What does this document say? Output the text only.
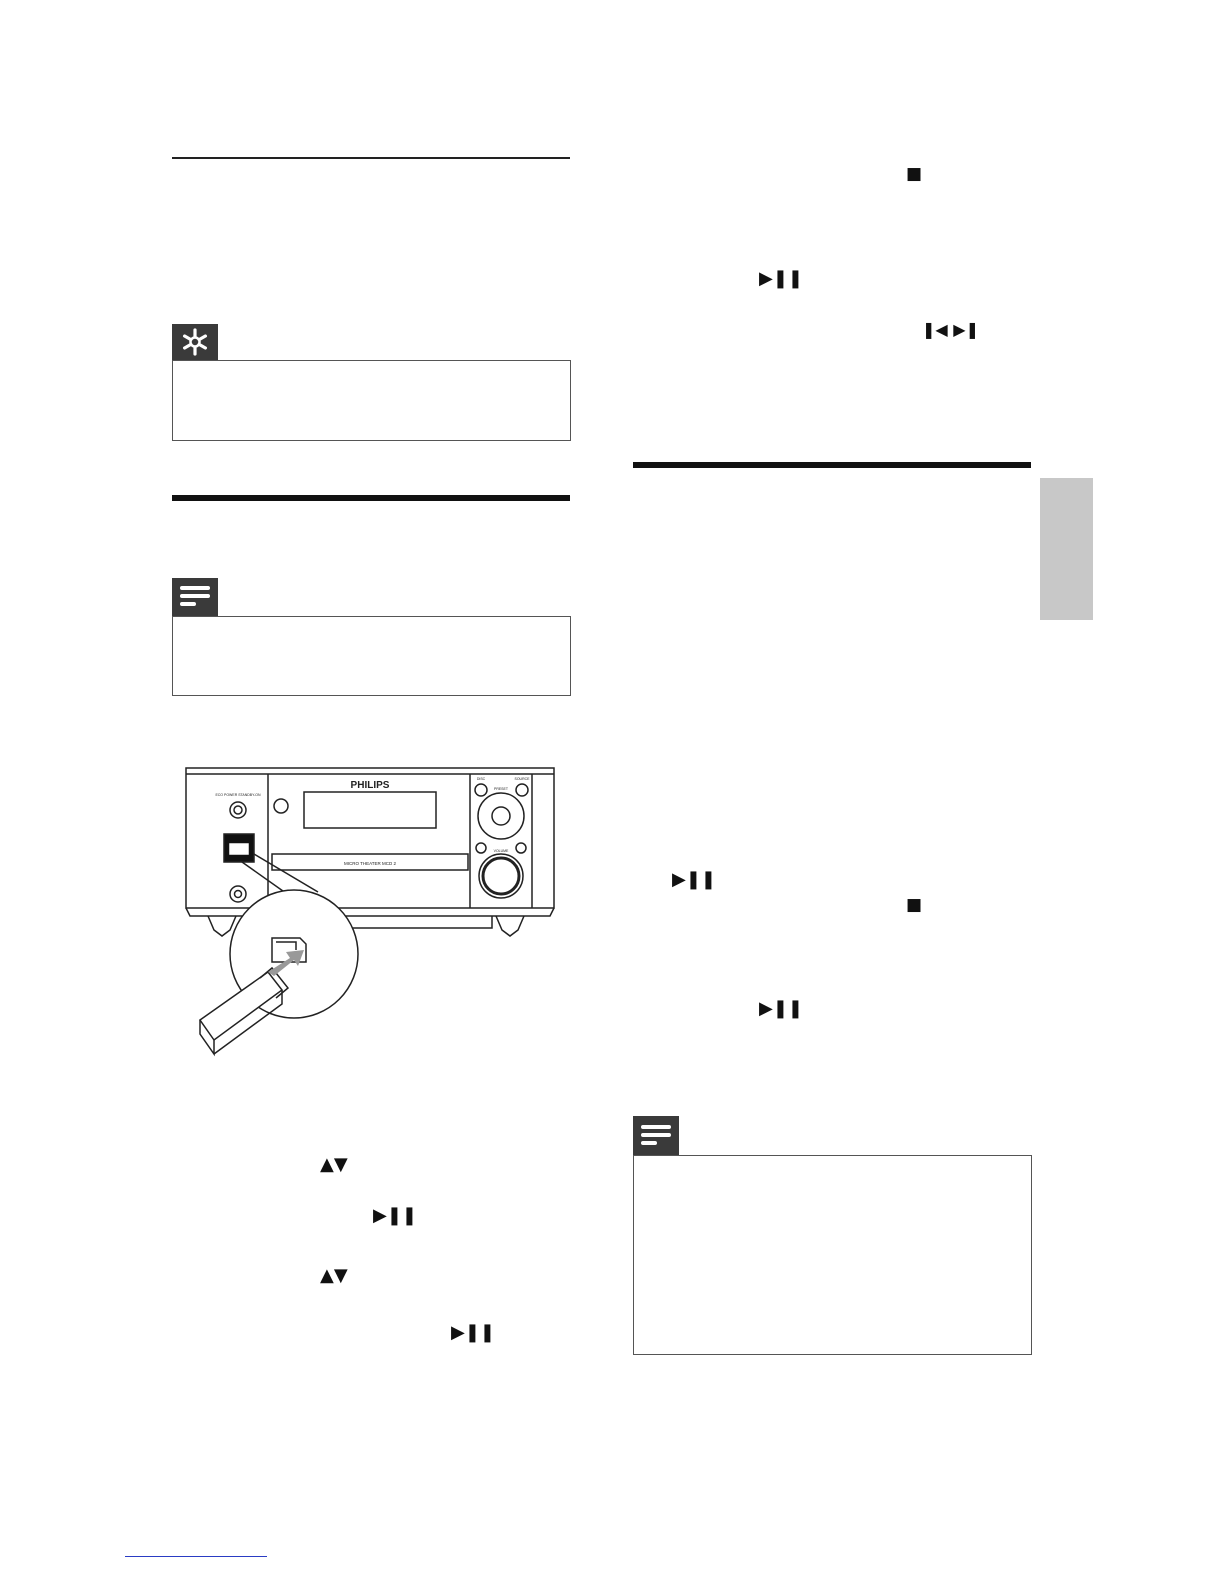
PHILIPS
MICRO THEATER MCD 2
ECO POWER STANDBY-ON
DISC	SOURCE
PRESET
VOLUME
▲▼
▶❚❚
▲▼
▶❚❚
■
▶❚❚
❚◀ ▶❚
▶❚❚
■
▶❚❚
